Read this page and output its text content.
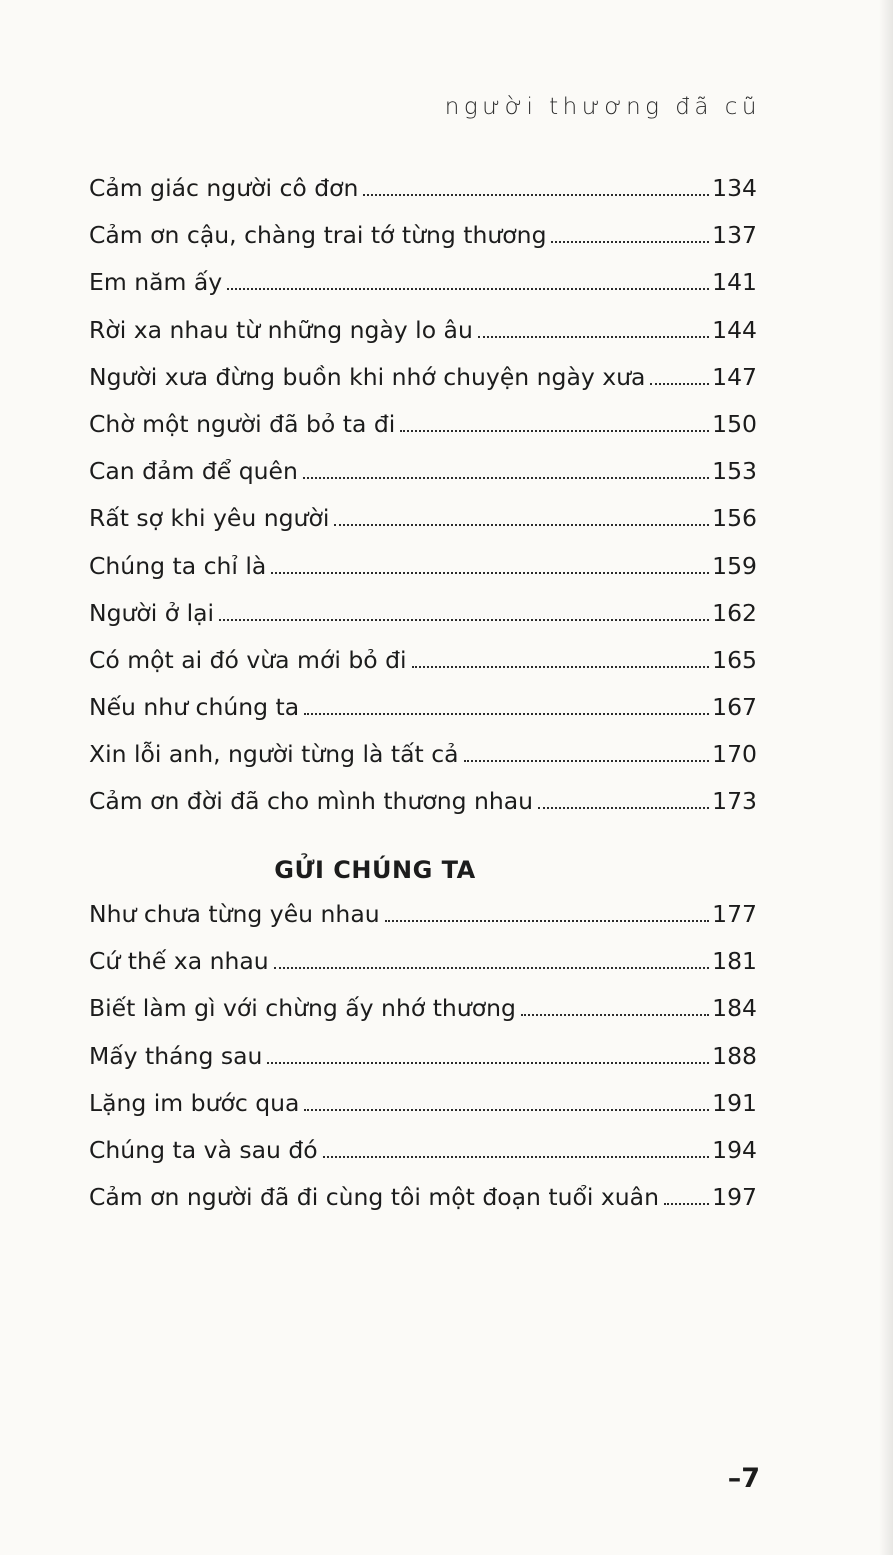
người thương đã cũ
Cảm giác người cô đơn	134
Cảm ơn cậu, chàng trai tớ từng thương	137
Em năm ấy	141
Rời xa nhau từ những ngày lo âu	144
Người xưa đừng buồn khi nhớ chuyện ngày xưa	147
Chờ một người đã bỏ ta đi	150
Can đảm để quên	153
Rất sợ khi yêu người	156
Chúng ta chỉ là	159
Người ở lại	162
Có một ai đó vừa mới bỏ đi	165
Nếu như chúng ta	167
Xin lỗi anh, người từng là tất cả	170
Cảm ơn đời đã cho mình thương nhau	173
GỬI CHÚNG TA
Như chưa từng yêu nhau	177
Cứ thế xa nhau	181
Biết làm gì với chừng ấy nhớ thương	184
Mấy tháng sau	188
Lặng im bước qua	191
Chúng ta và sau đó	194
Cảm ơn người đã đi cùng tôi một đoạn tuổi xuân 197
–7
